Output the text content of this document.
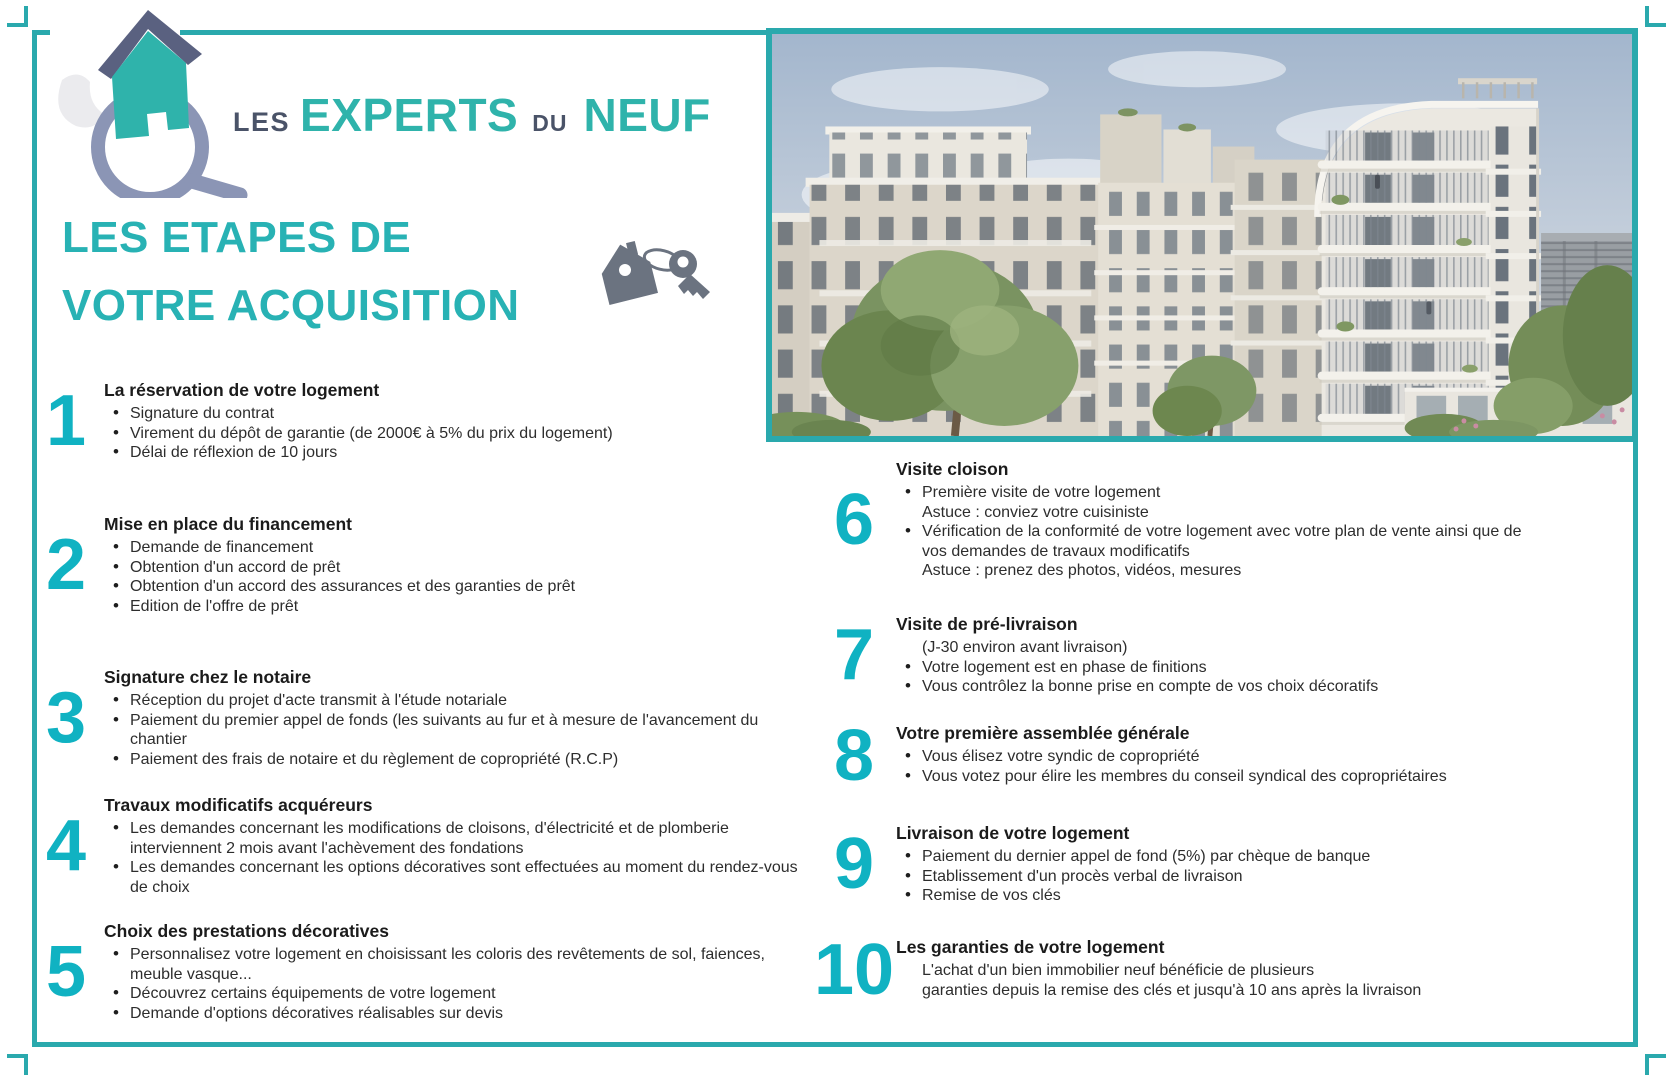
LES EXPERTS DU NEUF
LES ETAPES DE
VOTRE ACQUISITION
1	La réservation de votre logement
• Signature du contrat
• Virement du dépôt de garantie (de 2000€ à 5% du prix du logement)
• Délai de réflexion de 10 jours
2
Mise en place du financement
• Demande de financement
• Obtention d'un accord de prêt
• Obtention d'un accord des assurances et des garanties de prêt
• Edition de l'offre de prêt
3
Signature chez le notaire
• Réception du projet d'acte transmit à l'étude notariale
• Paiement du premier appel de fonds (les suivants au fur et à mesure de l'avancement du chantier
• Paiement des frais de notaire et du règlement de copropriété (R.C.P)
4
Travaux modificatifs acquéreurs
• Les demandes concernant les modifications de cloisons, d'électricité et de plomberie interviennent 2 mois avant l'achèvement des fondations
• Les demandes concernant les options décoratives sont effectuées au moment du rendez-vous de choix
5
Choix des prestations décoratives
• Personnalisez votre logement en choisissant les coloris des revêtements de sol, faiences, meuble vasque...
• Découvrez certains équipements de votre logement
• Demande d'options décoratives réalisables sur devis
6
Visite cloison
• Première visite de votre logement
Astuce : conviez votre cuisiniste
• Vérification de la conformité de votre logement avec votre plan de vente ainsi que de vos demandes de travaux modificatifs
Astuce : prenez des photos, vidéos, mesures
7	Visite de pré-livraison
(J-30 environ avant livraison)
• Votre logement est en phase de finitions
• Vous contrôlez la bonne prise en compte de vos choix décoratifs
8	Votre première assemblée générale
• Vous élisez votre syndic de copropriété
• Vous votez pour élire les membres du conseil syndical des copropriétaires
9	Livraison de votre logement
• Paiement du dernier appel de fond (5%) par chèque de banque
• Etablissement d'un procès verbal de livraison
• Remise de vos clés
10 Les garanties de votre logement
L'achat d'un bien immobilier neuf bénéficie de plusieurs
garanties depuis la remise des clés et jusqu'à 10 ans après la livraison
